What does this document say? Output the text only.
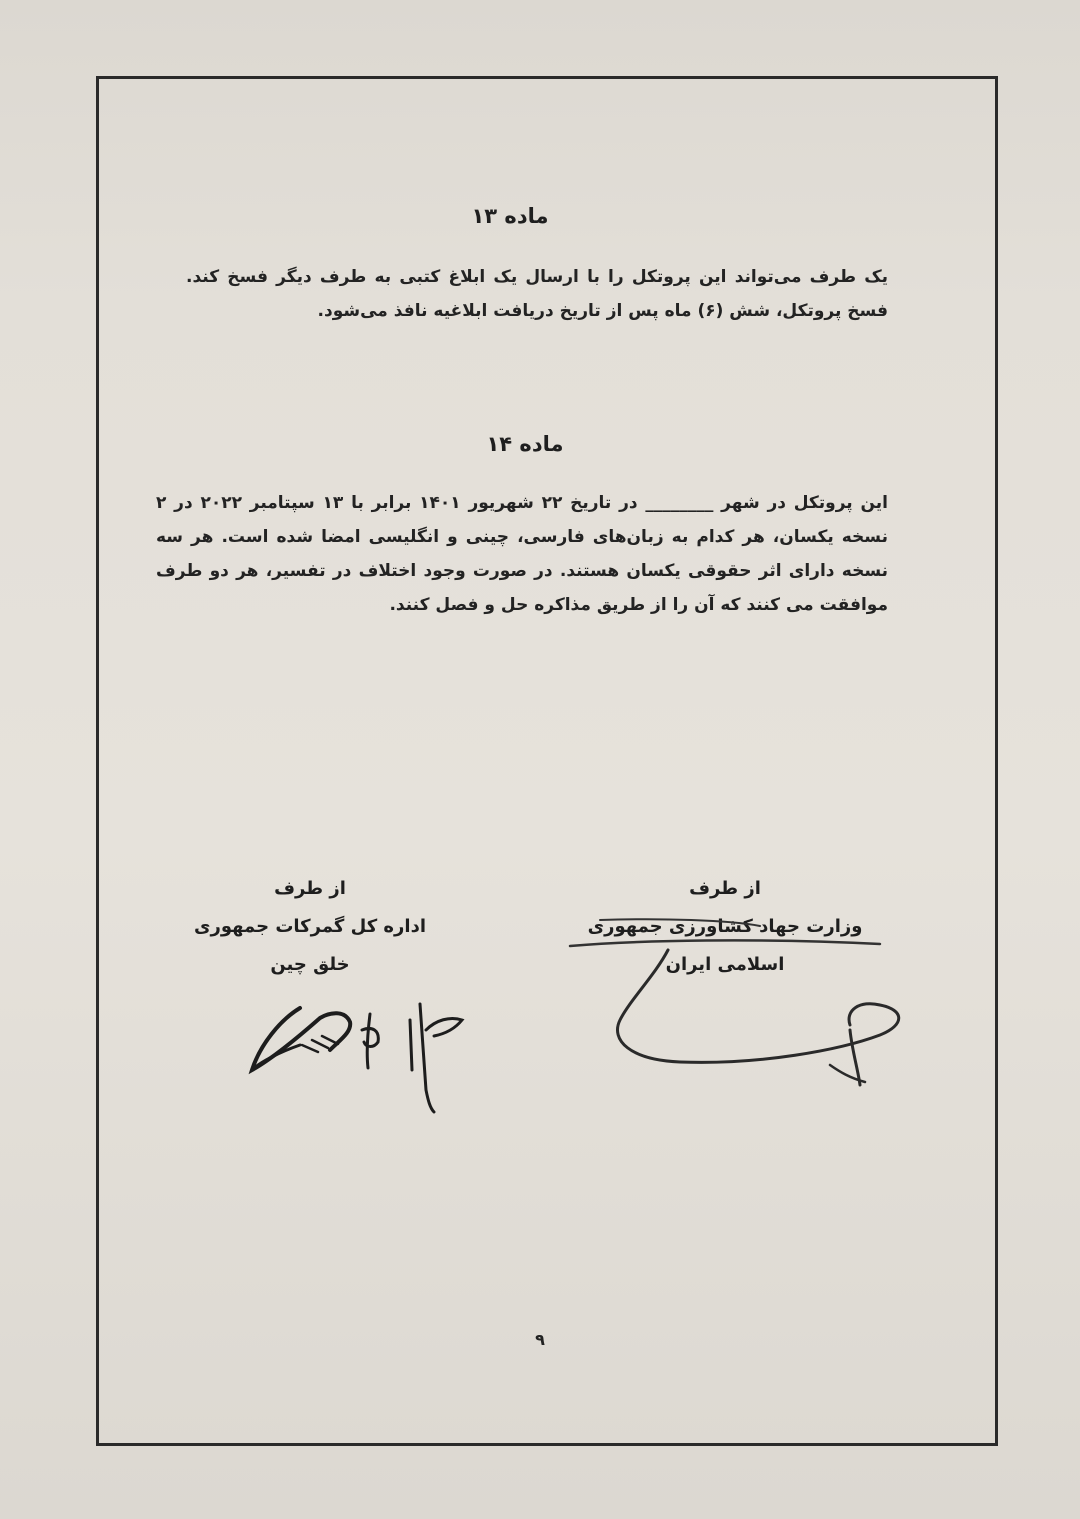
ماده ۱۳
یک طرف می‌تواند این پروتکل را با ارسال یک ابلاغ کتبی به طرف دیگر فسخ کند. فسخ پروتکل، شش (۶) ماه پس از تاریخ دریافت ابلاغیه نافذ می‌شود.
ماده ۱۴
این پروتکل در شهر ________ در تاریخ ۲۲ شهریور ۱۴۰۱ برابر با ۱۳ سپتامبر ۲۰۲۲ در ۲ نسخه یکسان، هر کدام به زبان‌های فارسی، چینی و انگلیسی امضا شده است. هر سه نسخه دارای اثر حقوقی یکسان هستند. در صورت وجود اختلاف در تفسیر، هر دو طرف موافقت می کنند که آن را از طریق مذاکره حل و فصل کنند.
از طرف
وزارت جهاد کشاورزی جمهوری
اسلامی ایران
از طرف
اداره کل گمرکات جمهوری
خلق چین
۹
